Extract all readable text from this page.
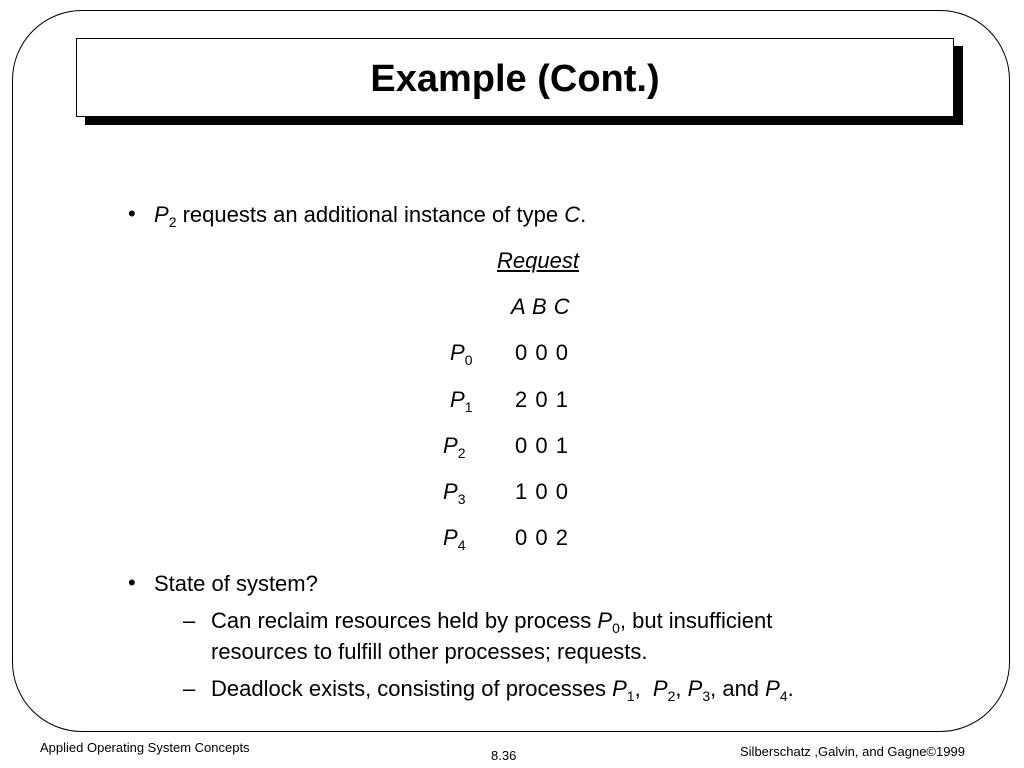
Example (Cont.)
• $P_2$ requests an additional instance of type C.
Request
A B C
$P_0$ 0 0 0
$P_1$ 2 0 1
$P_2$ 0 0 1
$P_3$ 1 0 0
$P_4$ 0 0 2
• State of system?
– Can reclaim resources held by process $P_0$, but insufficient
resources to fulfill other processes; requests.
– Deadlock exists, consisting of processes $P_1$,  $P_2$, $P_3$, and $P_4$.
Applied Operating System Concepts
8.36	Silberschatz ,Galvin, and Gagne©1999
